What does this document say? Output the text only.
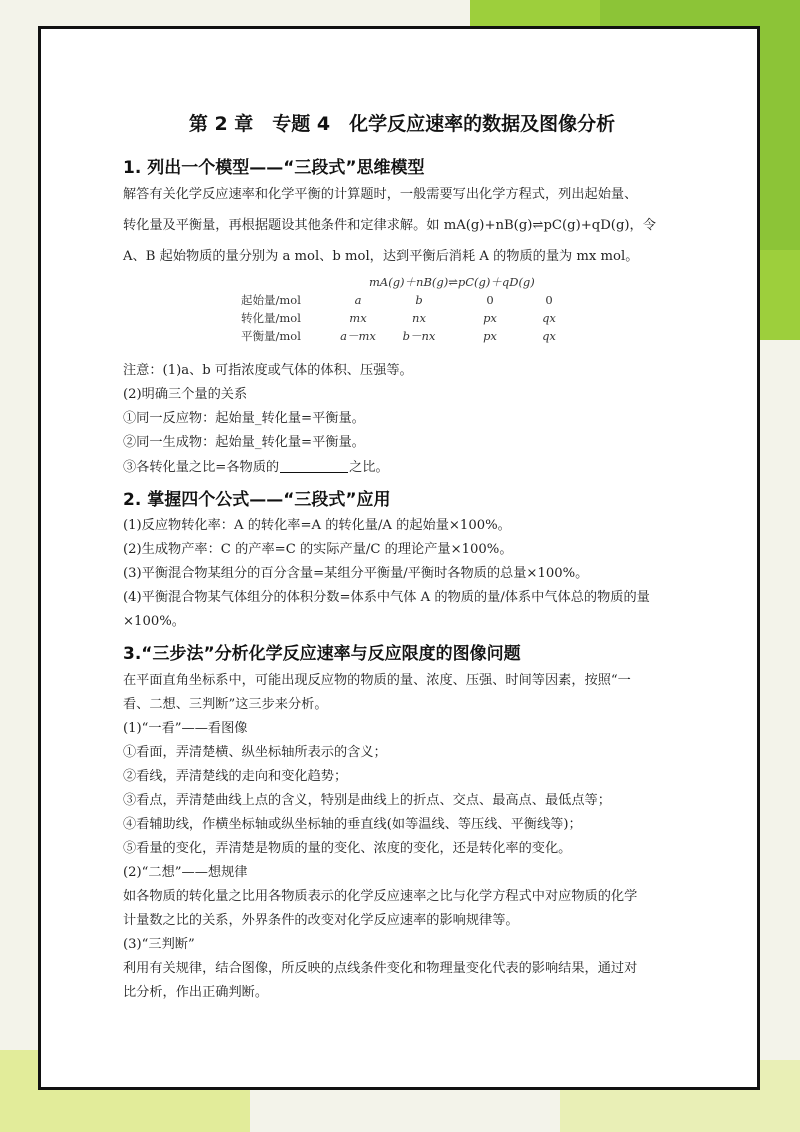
第 2 章　专题 4　化学反应速率的数据及图像分析
1. 列出一个模型——“三段式”思维模型
解答有关化学反应速率和化学平衡的计算题时，一般需要写出化学方程式，列出起始量、
转化量及平衡量，再根据题设其他条件和定律求解。如 mA(g)+nB(g)⇌pC(g)+qD(g)，令
A、B 起始物质的量分别为 a mol、b mol，达到平衡后消耗 A 的物质的量为 mx mol。
	mA(g)＋nB(g)⇌pC(g)＋qD(g)			
起始量/mol	a	b	0	0
转化量/mol	mx	nx	px	qx
平衡量/mol	a－mx	b－nx	px	qx
注意：(1)a、b 可指浓度或气体的体积、压强等。
(2)明确三个量的关系
①同一反应物：起始量_转化量=平衡量。
②同一生成物：起始量_转化量=平衡量。
③各转化量之比=各物质的	之比。
2. 掌握四个公式——“三段式”应用
(1)反应物转化率：A 的转化率=A 的转化量/A 的起始量×100%。
(2)生成物产率：C 的产率=C 的实际产量/C 的理论产量×100%。
(3)平衡混合物某组分的百分含量=某组分平衡量/平衡时各物质的总量×100%。
(4)平衡混合物某气体组分的体积分数=体系中气体 A 的物质的量/体系中气体总的物质的量
×100%。
3.“三步法”分析化学反应速率与反应限度的图像问题
在平面直角坐标系中，可能出现反应物的物质的量、浓度、压强、时间等因素，按照“一
看、二想、三判断”这三步来分析。
(1)“一看”——看图像
①看面，弄清楚横、纵坐标轴所表示的含义；
②看线，弄清楚线的走向和变化趋势；
③看点，弄清楚曲线上点的含义，特别是曲线上的折点、交点、最高点、最低点等；
④看辅助线，作横坐标轴或纵坐标轴的垂直线(如等温线、等压线、平衡线等)；
⑤看量的变化，弄清楚是物质的量的变化、浓度的变化，还是转化率的变化。
(2)“二想”——想规律
如各物质的转化量之比用各物质表示的化学反应速率之比与化学方程式中对应物质的化学
计量数之比的关系，外界条件的改变对化学反应速率的影响规律等。
(3)“三判断”
利用有关规律，结合图像，所反映的点线条件变化和物理量变化代表的影响结果，通过对
比分析，作出正确判断。
